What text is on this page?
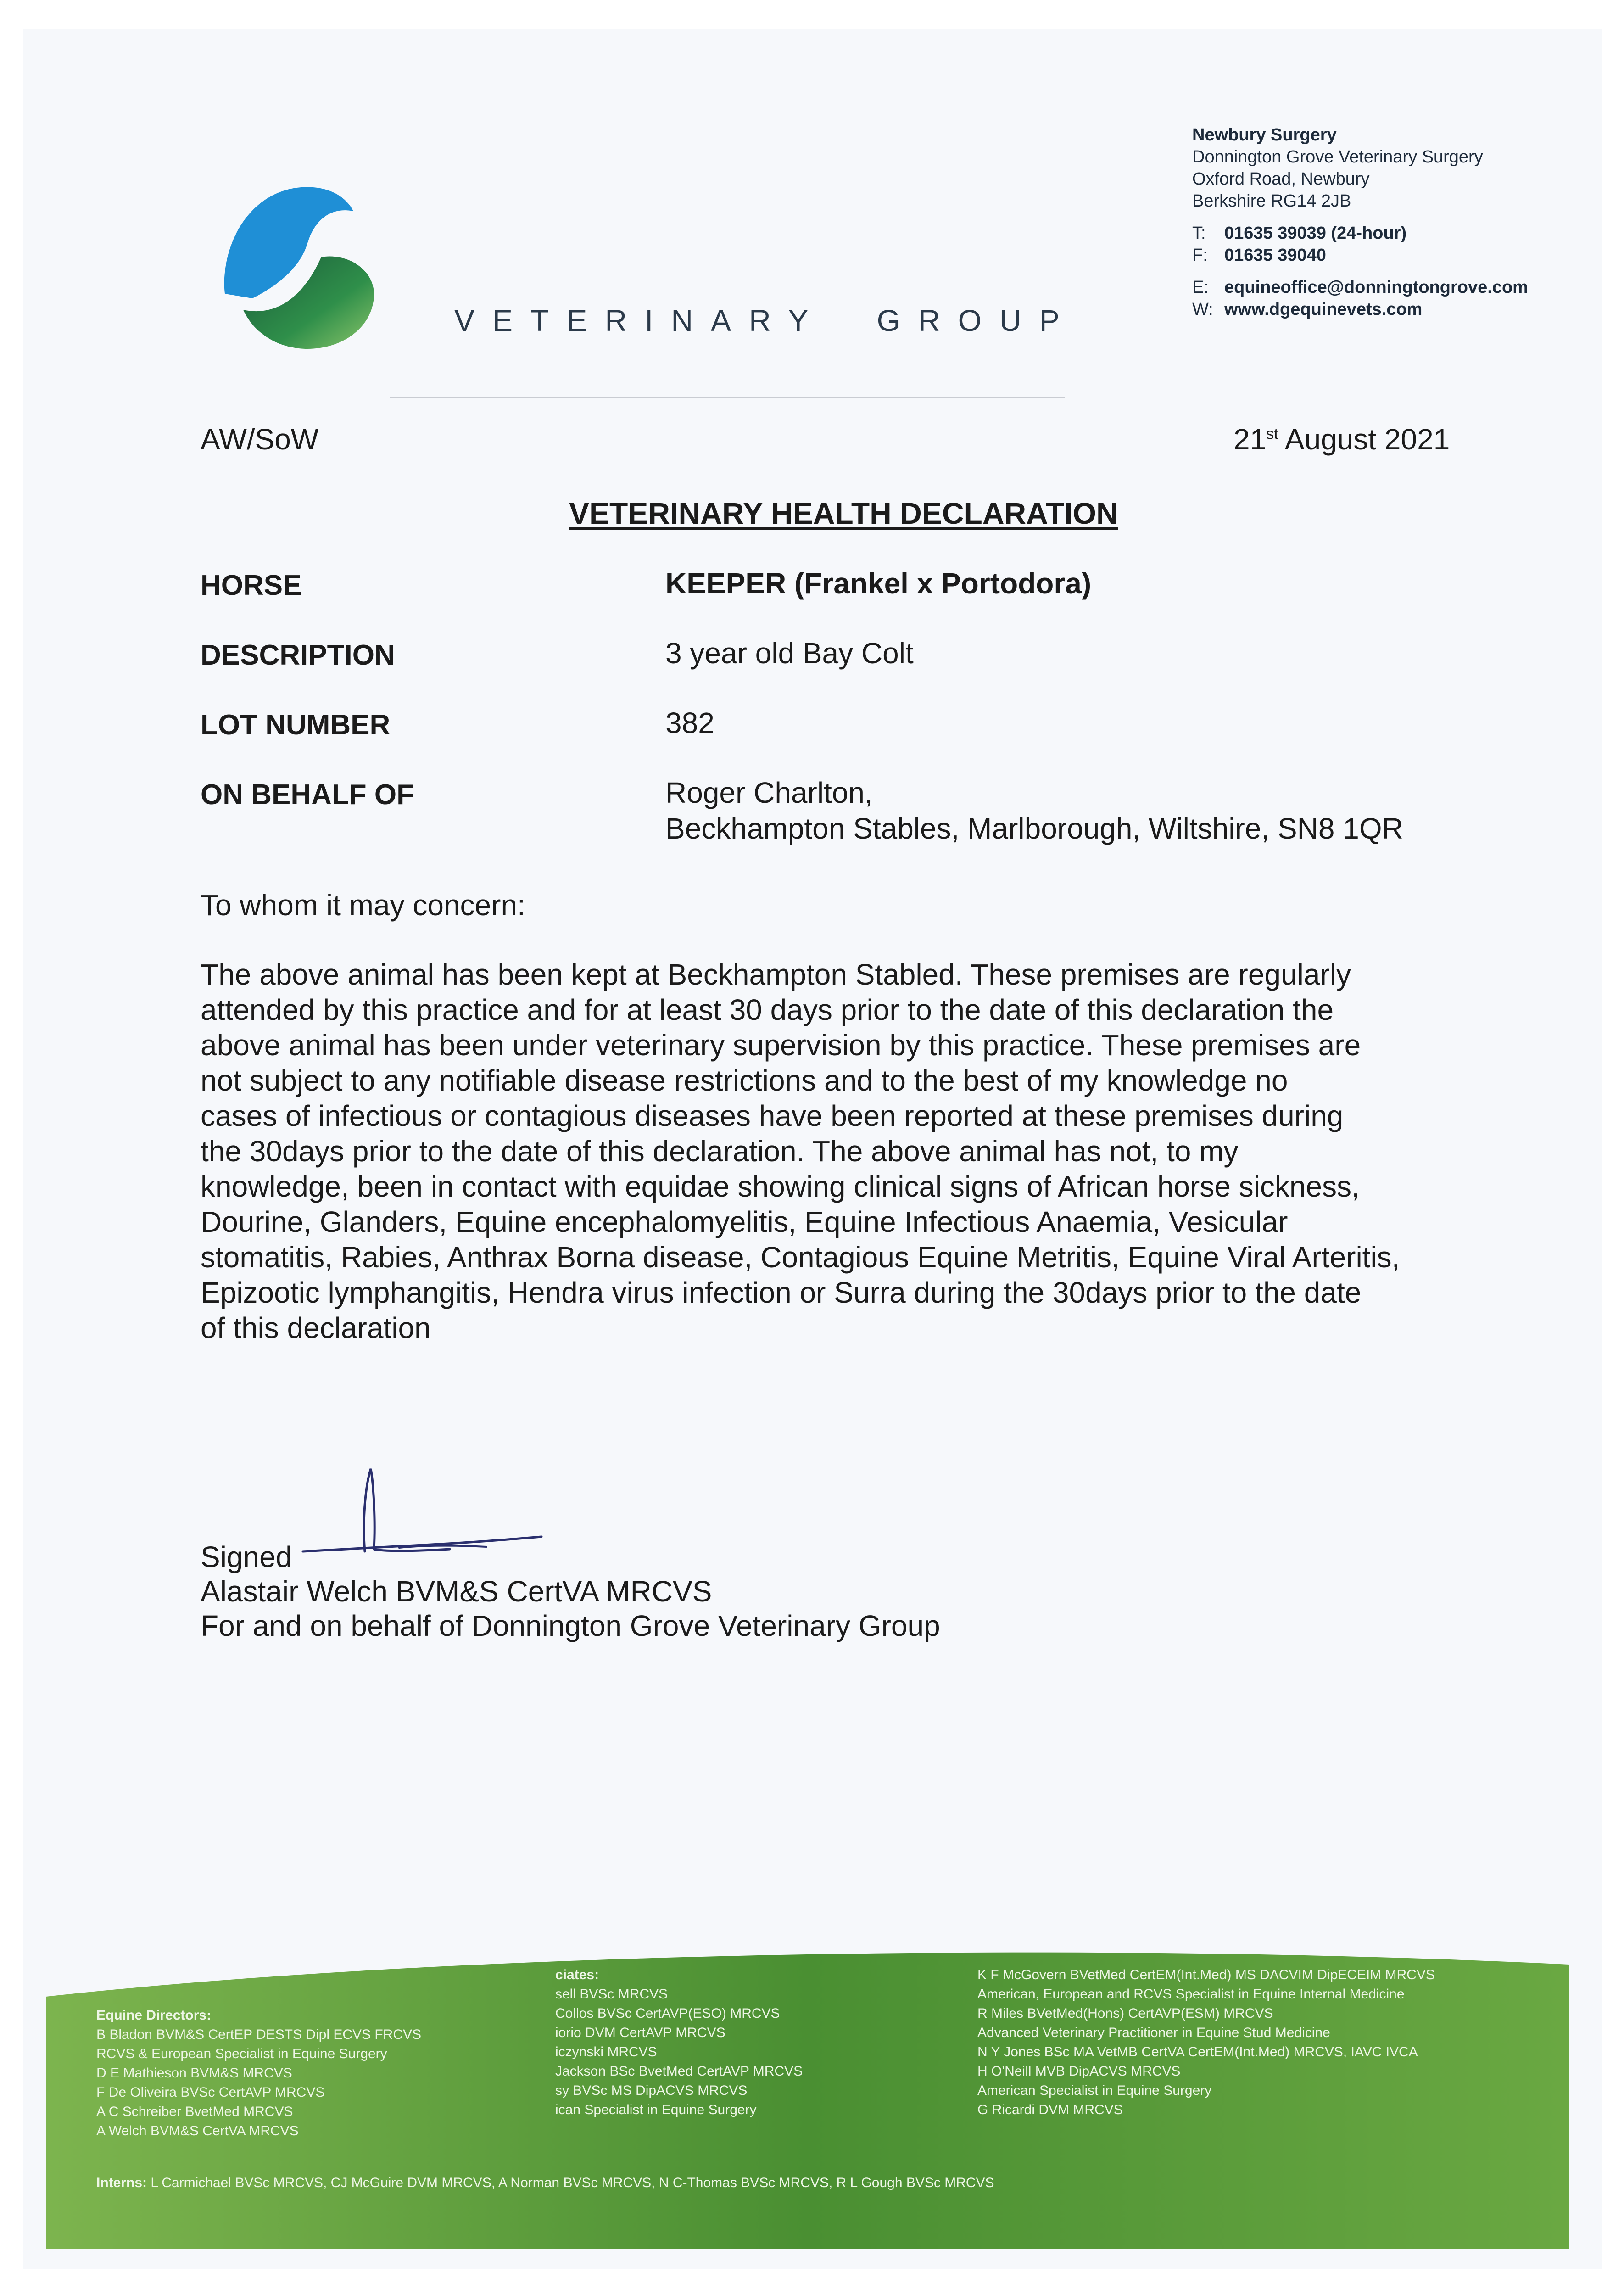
VETERINARY GROUP
Newbury Surgery
Donnington Grove Veterinary Surgery
Oxford Road, Newbury
Berkshire RG14 2JB
T: 01635 39039 (24-hour)
F: 01635 39040
E: equineoffice@donningtongrove.com
W: www.dgequinevets.com
AW/SoW	21st August 2021
VETERINARY HEALTH DECLARATION
HORSE	KEEPER (Frankel x Portodora)
DESCRIPTION	3 year old Bay Colt
LOT NUMBER	382
ON BEHALF OF	Roger Charlton,
Beckhampton Stables, Marlborough, Wiltshire, SN8 1QR
To whom it may concern:
The above animal has been kept at Beckhampton Stabled. These premises are regularly
attended by this practice and for at least 30 days prior to the date of this declaration the
above animal has been under veterinary supervision by this practice. These premises are
not subject to any notifiable disease restrictions and to the best of my knowledge no
cases of infectious or contagious diseases have been reported at these premises during
the 30days prior to the date of this declaration. The above animal has not, to my
knowledge, been in contact with equidae showing clinical signs of African horse sickness,
Dourine, Glanders, Equine encephalomyelitis, Equine Infectious Anaemia, Vesicular
stomatitis, Rabies, Anthrax Borna disease, Contagious Equine Metritis, Equine Viral Arteritis,
Epizootic lymphangitis, Hendra virus infection or Surra during the 30days prior to the date
of this declaration
Signed
Alastair Welch BVM&S CertVA MRCVS
For and on behalf of Donnington Grove Veterinary Group
Equine Directors:
B Bladon BVM&S CertEP DESTS Dipl ECVS FRCVS
RCVS & European Specialist in Equine Surgery
D E Mathieson BVM&S MRCVS
F De Oliveira BVSc CertAVP MRCVS
A C Schreiber BvetMed MRCVS
A Welch BVM&S CertVA MRCVS
ciates:
sell BVSc MRCVS
Collos BVSc CertAVP(ESO) MRCVS
iorio DVM CertAVP MRCVS
iczynski MRCVS
Jackson BSc BvetMed CertAVP MRCVS
sy BVSc MS DipACVS MRCVS
ican Specialist in Equine Surgery
K F McGovern BVetMed CertEM(Int.Med) MS DACVIM DipECEIM MRCVS
American, European and RCVS Specialist in Equine Internal Medicine
R Miles BVetMed(Hons) CertAVP(ESM) MRCVS
Advanced Veterinary Practitioner in Equine Stud Medicine
N Y Jones BSc MA VetMB CertVA CertEM(Int.Med) MRCVS, IAVC IVCA
H O'Neill MVB DipACVS MRCVS
American Specialist in Equine Surgery
G Ricardi DVM MRCVS
Interns: L Carmichael BVSc MRCVS, CJ McGuire DVM MRCVS, A Norman BVSc MRCVS, N C-Thomas BVSc MRCVS, R L Gough BVSc MRCVS
